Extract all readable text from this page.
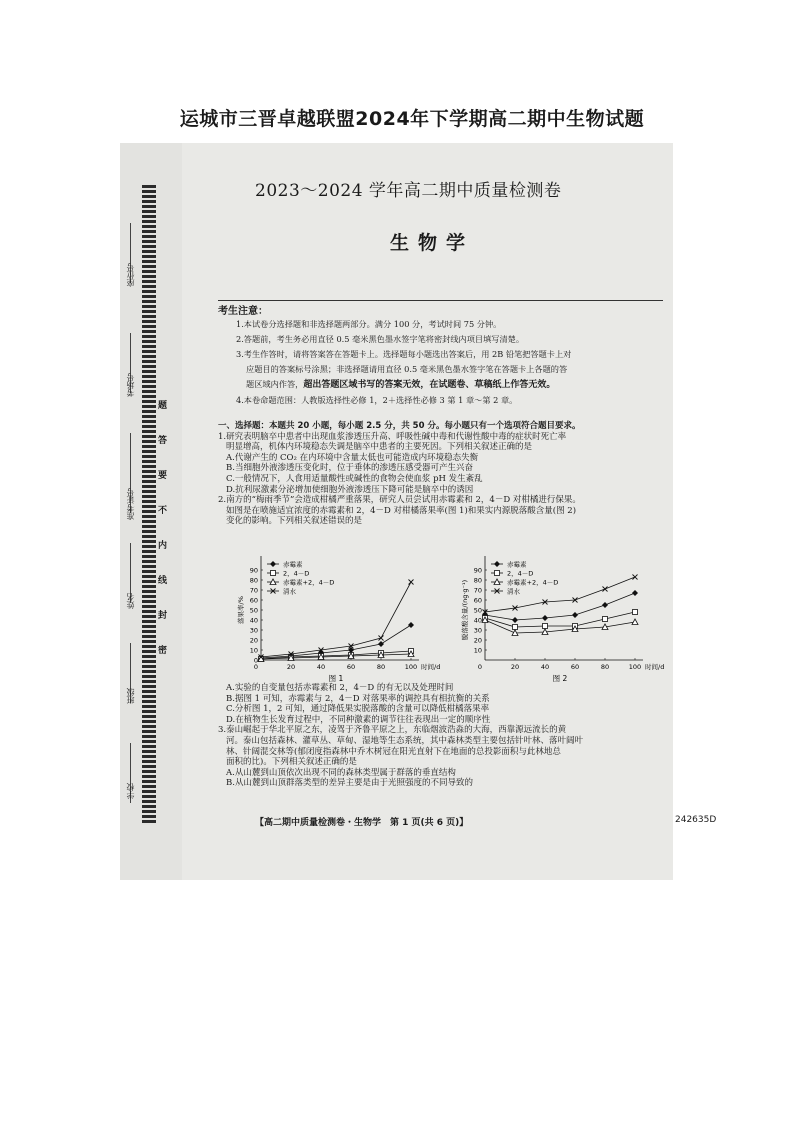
运城市三晋卓越联盟2024年下学期高二期中生物试题
座位号
考场号
准考证号
姓名
班级
学校
题
答
要
不
内
线
封
密
2023～2024 学年高二期中质量检测卷
生物学
考生注意：
1.本试卷分选择题和非选择题两部分。满分 100 分，考试时间 75 分钟。
2.答题前，考生务必用直径 0.5 毫米黑色墨水签字笔将密封线内项目填写清楚。
3.考生作答时，请将答案答在答题卡上。选择题每小题选出答案后，用 2B 铅笔把答题卡上对
应题目的答案标号涂黑；非选择题请用直径 0.5 毫米黑色墨水签字笔在答题卡上各题的答
题区域内作答，超出答题区域书写的答案无效，在试题卷、草稿纸上作答无效。
4.本卷命题范围：人教版选择性必修 1，2＋选择性必修 3 第 1 章～第 2 章。
一、选择题：本题共 20 小题，每小题 2.5 分，共 50 分。每小题只有一个选项符合题目要求。
1.研究表明脑卒中患者中出现血浆渗透压升高、呼吸性碱中毒和代谢性酸中毒的症状时死亡率
明显增高，机体内环境稳态失调是脑卒中患者的主要死因。下列相关叙述正确的是
A.代谢产生的 CO₂ 在内环境中含量太低也可能造成内环境稳态失衡
B.当细胞外液渗透压变化时，位于垂体的渗透压感受器可产生兴奋
C.一般情况下，人食用适量酸性或碱性的食物会使血浆 pH 发生紊乱
D.抗利尿激素分泌增加使细胞外液渗透压下降可能是脑卒中的诱因
2.南方的“梅雨季节”会造成柑橘严重落果，研究人员尝试用赤霉素和 2，4－D 对柑橘进行保果。
如图是在喷施适宜浓度的赤霉素和 2，4－D 对柑橘落果率(图 1)和果实内源脱落酸含量(图 2)
变化的影响。下列相关叙述错误的是
0
10
20
30
40
50
60
70
80
90
20	40	60	80	100
0	时间/d
落果率/%
图 1
赤霉素
2，4－D
赤霉素+2，4－D
清水
10
20
30
40
50
60
70
80
90
20	40	60	80	100
0	时间/d
脱落酸含量/(ng·g⁻¹)
图 2
赤霉素
2，4－D
赤霉素+2，4－D
清水
A.实验的自变量包括赤霉素和 2，4－D 的有无以及处理时间
B.据图 1 可知，赤霉素与 2，4－D 对落果率的调控具有相抗衡的关系
C.分析图 1，2 可知，通过降低果实脱落酸的含量可以降低柑橘落果率
D.在植物生长发育过程中，不同种激素的调节往往表现出一定的顺序性
3.泰山崛起于华北平原之东，凌驾于齐鲁平原之上，东临烟波浩淼的大海，西靠源远流长的黄
河。泰山包括森林、灌草丛、草甸、湿地等生态系统，其中森林类型主要包括针叶林、落叶阔叶
林、针阔混交林等(郁闭度指森林中乔木树冠在阳光直射下在地面的总投影面积与此林地总
面积的比)。下列相关叙述正确的是
A.从山麓到山顶依次出现不同的森林类型属于群落的垂直结构
B.从山麓到山顶群落类型的差异主要是由于光照强度的不同导致的
【高二期中质量检测卷・生物学　第 1 页(共 6 页)】	242635D
